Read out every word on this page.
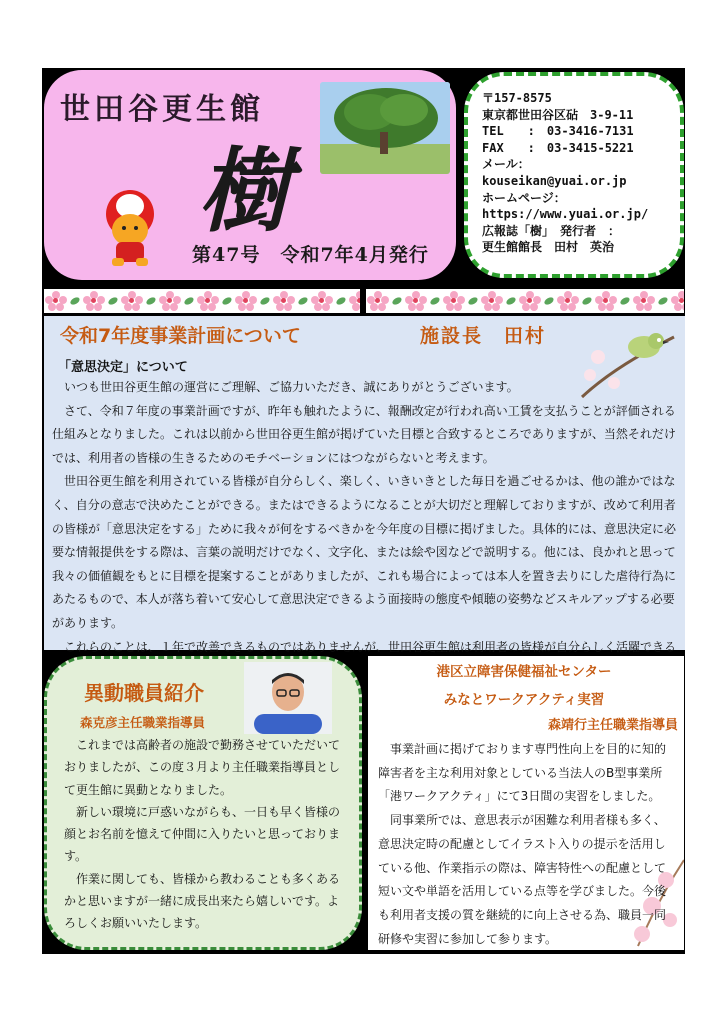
世田谷更生館
樹
第47号　令和7年4月発行
〒157-8575
東京都世田谷区砧　3-9-11
TEL　　:　03-3416-7131
FAX　　:　03-3415-5221
メール：
kouseikan@yuai.or.jp
ホームページ：
https://www.yuai.or.jp/
広報誌「樹」　発行者　：
更生館館長　田村　英治
令和7年度事業計画について	施設長　田村
「意思決定」について

　いつも世田谷更生館の運営にご理解、ご協力いただき、誠にありがとうございます。

　さて、令和７年度の事業計画ですが、昨年も触れたように、報酬改定が行われ高い工賃を支払うことが評価される仕組みとなりました。これは以前から世田谷更生館が掲げていた目標と合致するところでありますが、当然それだけでは、利用者の皆様の生きるためのモチベーションにはつながらないと考えます。

　世田谷更生館を利用されている皆様が自分らしく、楽しく、いきいきとした毎日を過ごせるかは、他の誰かではなく、自分の意志で決めたことができる。またはできるようになることが大切だと理解しておりますが、改めて利用者の皆様が「意思決定をする」ために我々が何をするべきかを今年度の目標に掲げました。具体的には、意思決定に必要な情報提供をする際は、言葉の説明だけでなく、文字化、または絵や図などで説明する。他には、良かれと思って我々の価値観をもとに目標を提案することがありましたが、これも場合によっては本人を置き去りにした虐待行為にあたるもので、本人が落ち着いて安心して意思決定できるよう面接時の態度や傾聴の姿勢などスキルアップする必要があります。

　これらのことは、１年で改善できるものではありませんが、世田谷更生館は利用者の皆様が自分らしく活躍できる

異動職員紹介
森克彦主任職業指導員

　これまでは高齢者の施設で勤務させていただいておりましたが、この度３月より主任職業指導員として更生館に異動となりました。

　新しい環境に戸惑いながらも、一日も早く皆様の顔とお名前を憶えて仲間に入りたいと思っております。

　作業に関しても、皆様から教わることも多くあるかと思いますが一緒に成長出来たら嬉しいです。よろしくお願いいたします。

港区立障害保健福祉センター
みなとワークアクティ実習
森靖行主任職業指導員

　事業計画に掲げております専門性向上を目的に知的障害者を主な利用対象としている当法人のB型事業所「港ワークアクティ」にて3日間の実習をしました。

　同事業所では、意思表示が困難な利用者様も多く、意思決定時の配慮としてイラスト入りの提示を活用している他、作業指示の際は、障害特性への配慮として短い文や単語を活用している点等を学びました。今後も利用者支援の質を継続的に向上させる為、職員一同研修や実習に参加して参ります。
